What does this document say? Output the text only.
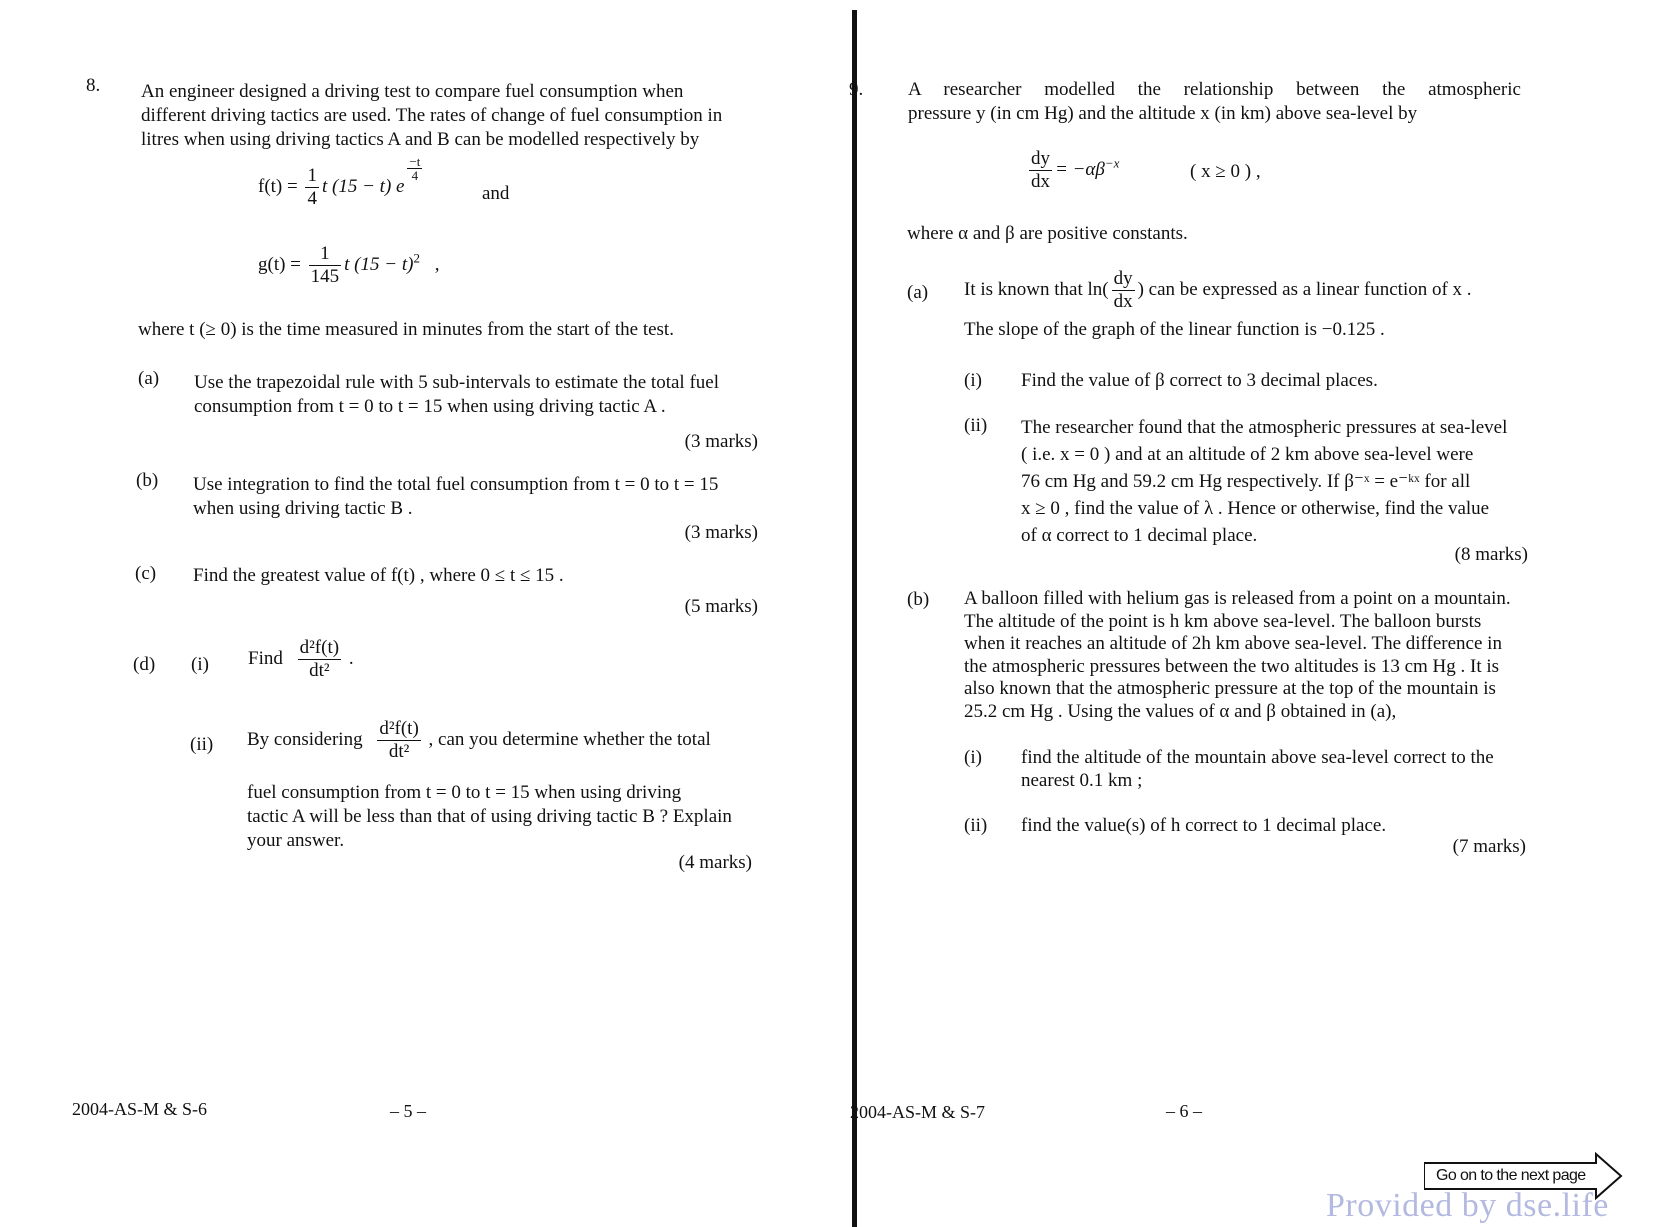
8. An engineer designed a driving test to compare fuel consumption when
different driving tactics are used. The rates of change of fuel consumption in
litres when using driving tactics A and B can be modelled respectively by
$f(t) = \frac{1}{4}$ t (15 − t) e
$\frac{-t}{4}$
and
$g(t) = \frac{1}{145}$ t $(15 - t)^2$ ,
where t (≥ 0) is the time measured in minutes from the start of the test.
(a) Use the trapezoidal rule with 5 sub-intervals to estimate the total fuel
consumption from t = 0 to t = 15 when using driving tactic A .
(3 marks)
(b) Use integration to find the total fuel consumption from t = 0 to t = 15
when using driving tactic B .
(3 marks)
(c) Find the greatest value of f(t) , where 0 ≤ t ≤ 15 .
(5 marks)
(d) (i) Find $\frac{\text{d²f(t)}}{\text{dt²}}$ .
(ii) By considering $\frac{\text{d²f(t)}}{\text{dt²}}$ , can you determine whether the total
fuel consumption from t = 0 to t = 15 when using driving
tactic A will be less than that of using driving tactic B ? Explain
your answer.
(4 marks)
2004-AS-M & S-6	– 5 –
9. A researcher modelled the relationship between the atmospheric
pressure y (in cm Hg) and the altitude x (in km) above sea-level by
$\frac{dy}{dx} = -\alpha\beta^{-x}$	( x ≥ 0 ) ,
where α and β are positive constants.
(a) It is known that $\ln( \frac{dy}{dx}$ ) can be expressed as a linear function of x .
The slope of the graph of the linear function is −0.125 .
(i) Find the value of β correct to 3 decimal places.
(ii) The researcher found that the atmospheric pressures at sea-level
( i.e. x = 0 ) and at an altitude of 2 km above sea-level were
76 cm Hg and 59.2 cm Hg respectively. If β⁻ˣ = e⁻ᵏˣ for all
x ≥ 0 , find the value of λ . Hence or otherwise, find the value
of α correct to 1 decimal place.
(8 marks)
(b) A balloon filled with helium gas is released from a point on a mountain.
The altitude of the point is h km above sea-level. The balloon bursts
when it reaches an altitude of 2h km above sea-level. The difference in
the atmospheric pressures between the two altitudes is 13 cm Hg . It is
also known that the atmospheric pressure at the top of the mountain is
25.2 cm Hg . Using the values of α and β obtained in (a),
(i) find the altitude of the mountain above sea-level correct to the
nearest 0.1 km ;
(ii) find the value(s) of h correct to 1 decimal place.
(7 marks)
2004-AS-M & S-7	– 6 –
Go on to the next page
Provided by dse.life
